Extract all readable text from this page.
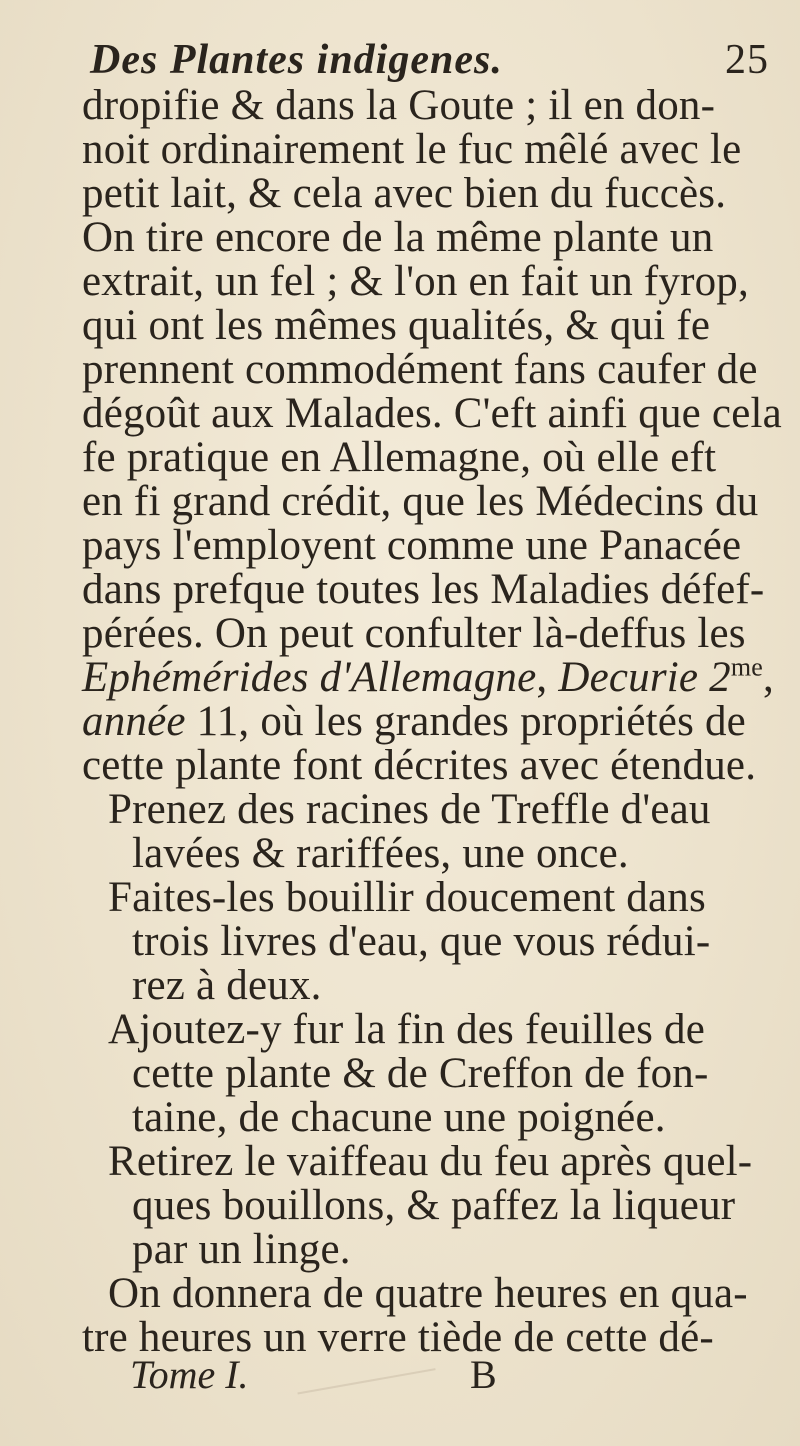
Des Plantes indigenes.	25
dropifie & dans la Goute ; il en don-
noit ordinairement le fuc mêlé avec le
petit lait, & cela avec bien du fuccès.
On tire encore de la même plante un
extrait, un fel ; & l'on en fait un fyrop,
qui ont les mêmes qualités, & qui fe
prennent commodément fans caufer de
dégoût aux Malades. C'eft ainfi que cela
fe pratique en Allemagne, où elle eft
en fi grand crédit, que les Médecins du
pays l'employent comme une Panacée
dans prefque toutes les Maladies défef-
pérées. On peut confulter là-deffus les
Ephémérides d'Allemagne, Decurie $2^{me}$,
année 11, où les grandes propriétés de
cette plante font décrites avec étendue.
Prenez des racines de Treffle d'eau
lavées & rariffées, une once.
Faites-les bouillir doucement dans
trois livres d'eau, que vous rédui-
rez à deux.
Ajoutez-y fur la fin des feuilles de
cette plante & de Creffon de fon-
taine, de chacune une poignée.
Retirez le vaiffeau du feu après quel-
ques bouillons, & paffez la liqueur
par un linge.
On donnera de quatre heures en qua-
tre heures un verre tiède de cette dé-
Tome I.	B
